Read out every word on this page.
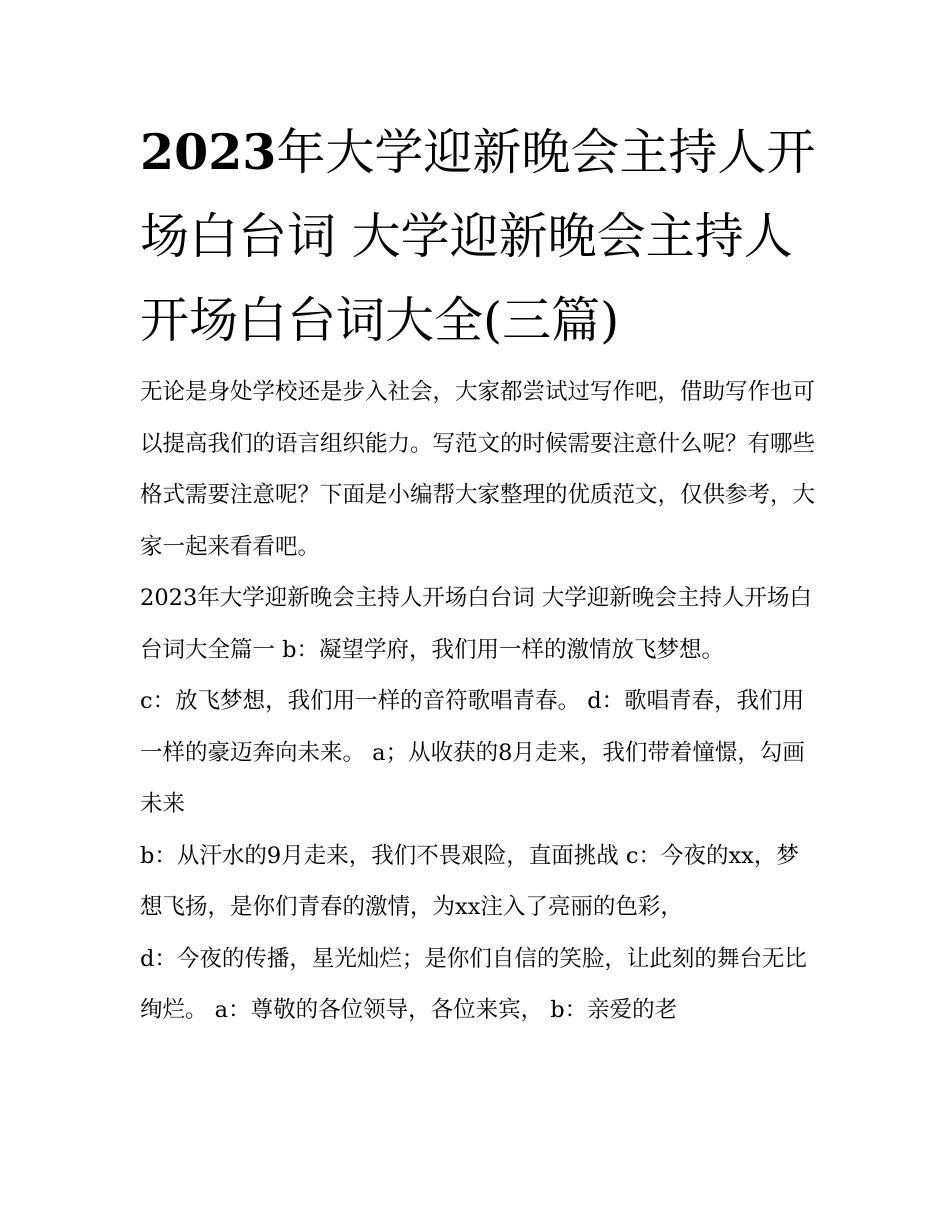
2023年大学迎新晚会主持人开场白台词 大学迎新晚会主持人开场白台词大全(三篇)

无论是身处学校还是步入社会，大家都尝试过写作吧，借助写作也可以提高我们的语言组织能力。写范文的时候需要注意什么呢？有哪些格式需要注意呢？下面是小编帮大家整理的优质范文，仅供参考，大家一起来看看吧。

2023年大学迎新晚会主持人开场白台词 大学迎新晚会主持人开场白台词大全篇一 b：凝望学府，我们用一样的激情放飞梦想。

c：放飞梦想，我们用一样的音符歌唱青春。 d：歌唱青春，我们用一样的豪迈奔向未来。 a；从收获的8月走来，我们带着憧憬，勾画未来

b：从汗水的9月走来，我们不畏艰险，直面挑战 c：今夜的xx，梦想飞扬，是你们青春的激情，为xx注入了亮丽的色彩，

d：今夜的传播，星光灿烂；是你们自信的笑脸，让此刻的舞台无比绚烂。 a：尊敬的各位领导，各位来宾， b：亲爱的老
